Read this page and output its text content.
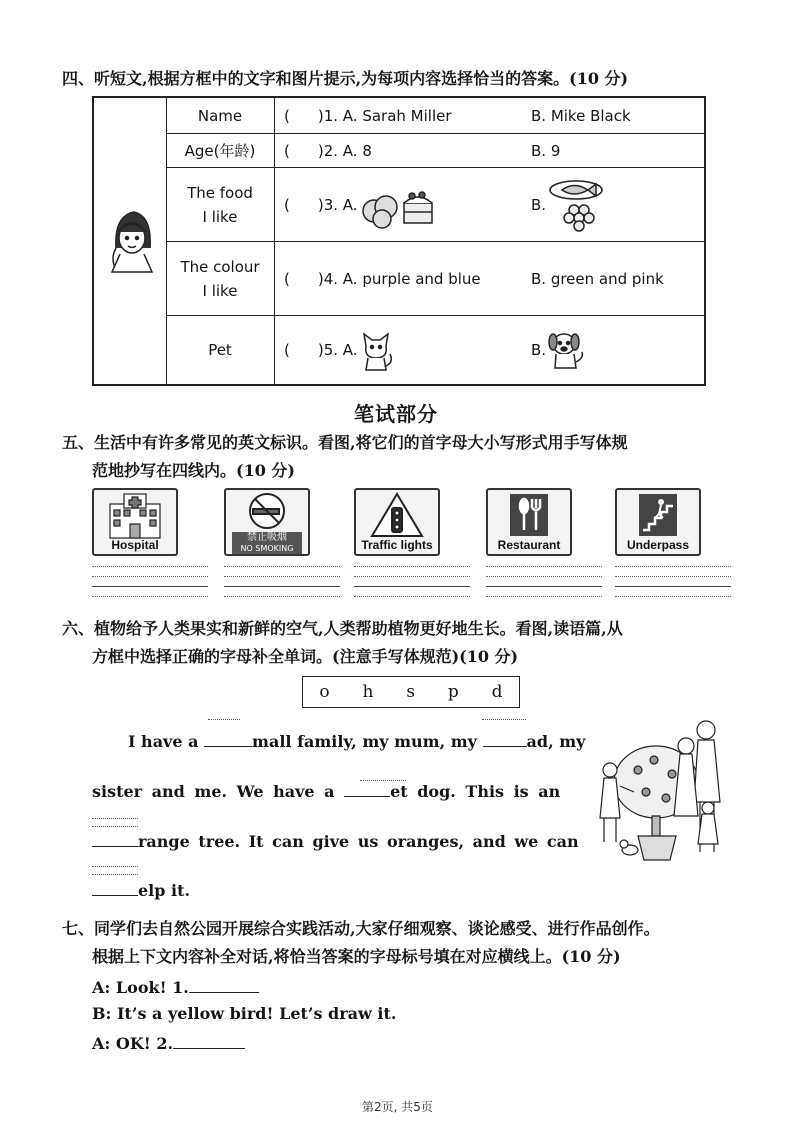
四、听短文,根据方框中的文字和图片提示,为每项内容选择恰当的答案。(10 分)
Name	( )1. A. Sarah Miller	B. Mike Black
Age(年龄)	( )2. A. 8	B. 9
The food
I like
( )3. A.	B.
The colour
I like
( )4. A. purple and blue	B. green and pink
Pet	( )5. A.	B.
笔试部分
五、生活中有许多常见的英文标识。看图,将它们的首字母大小写形式用手写体规
范地抄写在四线内。(10 分)
Hospital
禁止吸烟
NO SMOKING	Traffic lights	Restaurant	Underpass
六、植物给予人类果实和新鲜的空气,人类帮助植物更好地生长。看图,读语篇,从
方框中选择正确的字母补全单词。(注意手写体规范)(10 分)
o h s p d
I have a	mall family, my mum, my	ad, my
sister and me. We have a	et dog. This is an
range tree. It can give us oranges, and we can
elp it.
七、同学们去自然公园开展综合实践活动,大家仔细观察、谈论感受、进行作品创作。
根据上下文内容补全对话,将恰当答案的字母标号填在对应横线上。(10 分)
A: Look! 1.
B: It’s a yellow bird! Let’s draw it.
A: OK! 2.
第2页, 共5页
